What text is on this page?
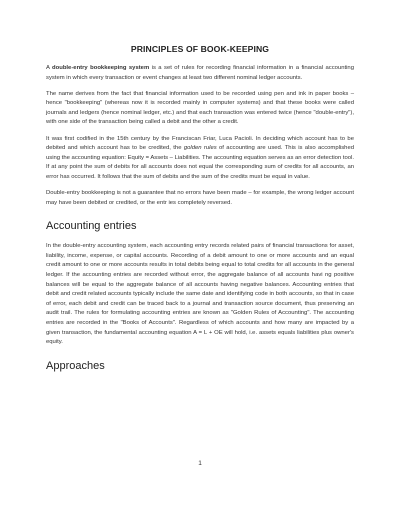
PRINCIPLES OF BOOK-KEEPING

A double-entry bookkeeping system is a set of rules for recording financial information in a financial accounting system in which every transaction or event changes at least two different nominal ledger accounts.

The name derives from the fact that financial information used to be recorded using pen and ink in paper books – hence "bookkeeping" (whereas now it is recorded mainly in computer systems) and that these books were called journals and ledgers (hence nominal ledger, etc.) and that each transaction was entered twice (hence "double-entry"), with one side of the transaction being called a debit and the other a credit.

It was first codified in the 15th century by the Franciscan Friar, Luca Pacioli. In deciding which account has to be debited and which account has to be credited, the golden rules of accounting are used. This is also accomplished using the accounting equation: Equity = Assets – Liabilities. The accounting equation serves as an error detection tool. If at any point the sum of debits for all accounts does not equal the corresponding sum of credits for all accounts, an error has occurred. It follows that the sum of debits and the sum of the credits must be equal in value.

Double-entry bookkeeping is not a guarantee that no errors have been made – for example, the wrong ledger account may have been debited or credited, or the entr ies completely reversed.

Accounting entries

In the double-entry accounting system, each accounting entry records related pairs of financial transactions for asset, liability, income, expense, or capital accounts. Recording of a debit amount to one or more accounts and an equal credit amount to one or more accounts results in total debits being equal to total credits for all accounts in the general ledger. If the accounting entries are recorded without error, the aggregate balance of all accounts havi ng positive balances will be equal to the aggregate balance of all accounts having negative balances. Accounting entries that debit and credit related accounts typically include the same date and identifying code in both accounts, so that in case of error, each debit and credit can be traced back to a journal and transaction source document, thus preserving an audit trail. The rules for formulating accounting entries are known as "Golden Rules of Accounting". The accounting entries are recorded in the "Books of Accounts". Regardless of which accounts and how many are impacted by a given transaction, the fundamental accounting equation A = L + OE will hold, i.e. assets equals liabilities plus owner's equity.

Approaches
1
